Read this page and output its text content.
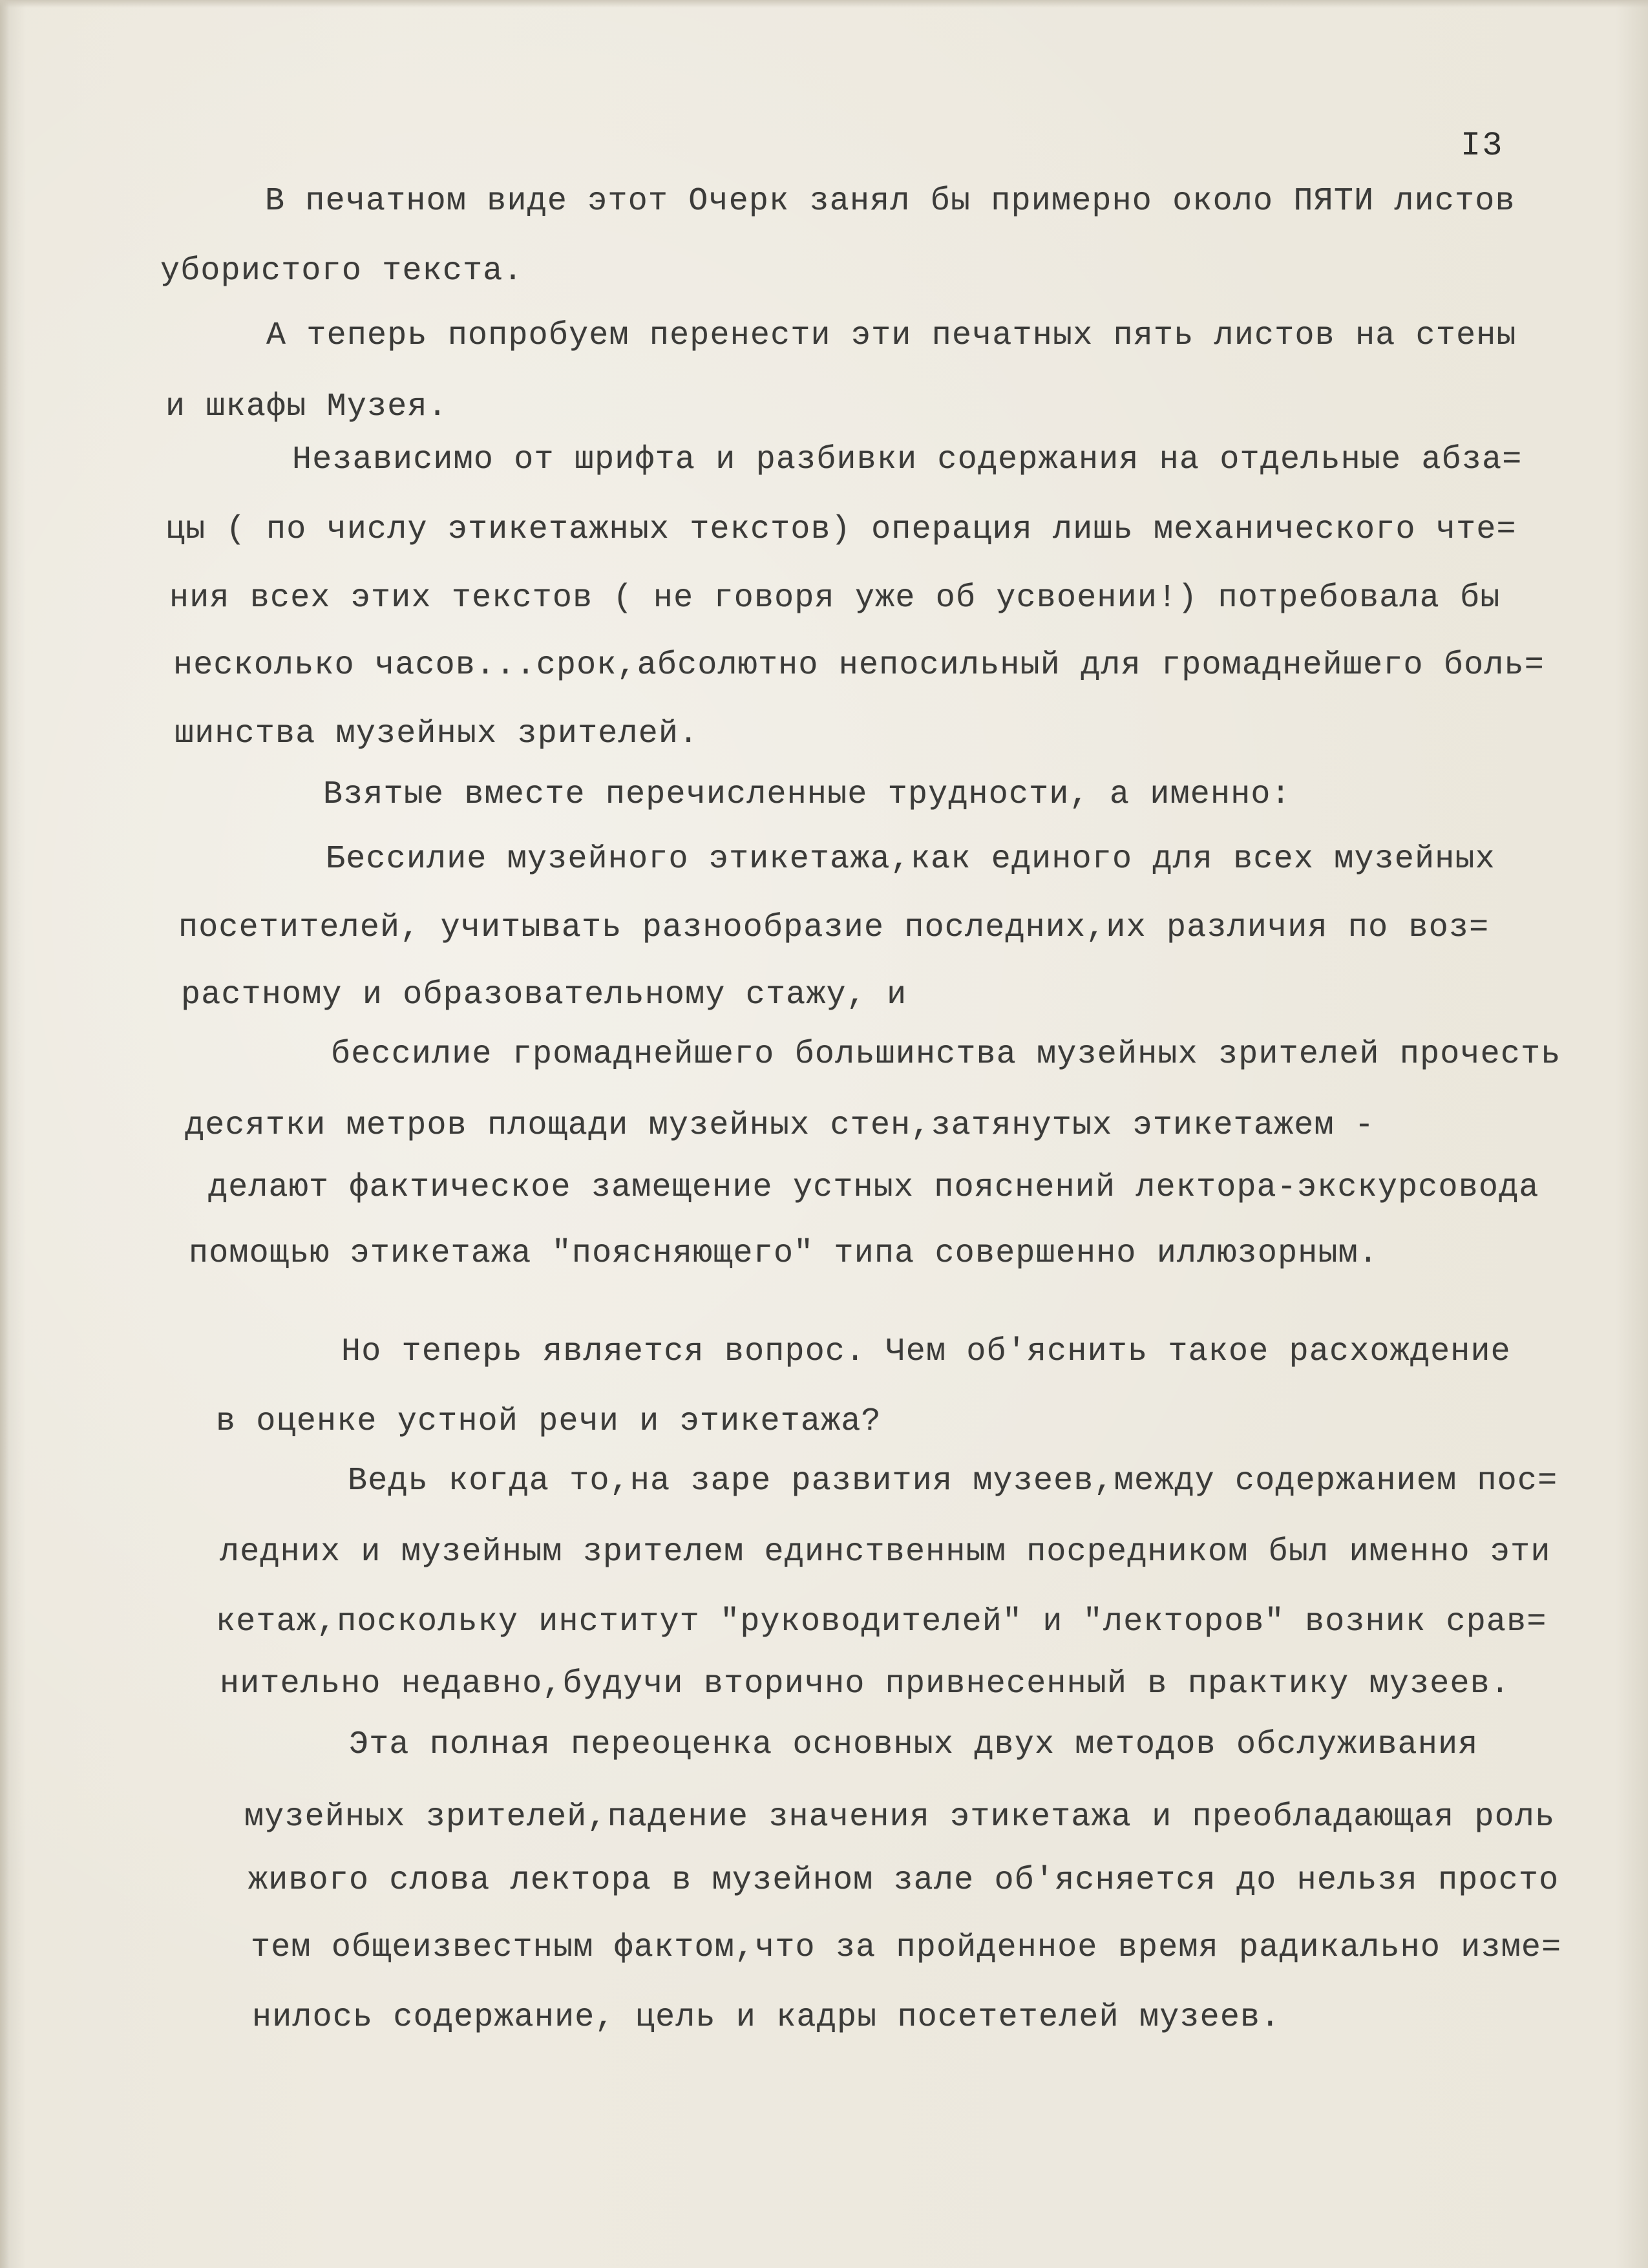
I3
В печатном виде этот Очерк занял бы примерно около ПЯТИ листов
убористого текста.
А теперь попробуем перенести эти печатных пять листов на стены
и шкафы Музея.
Независимо от шрифта и разбивки содержания на отдельные абза=
цы ( по числу этикетажных текстов) операция лишь механического чте=
ния всех этих текстов ( не говоря уже об усвоении!) потребовала бы
несколько часов...срок,абсолютно непосильный для громаднейшего боль=
шинства музейных зрителей.
Взятые вместе перечисленные трудности, а именно:
Бессилие музейного этикетажа,как единого для всех музейных
посетителей, учитывать разнообразие последних,их различия по воз=
растному и образовательному стажу, и
бессилие громаднейшего большинства музейных зрителей прочесть
десятки метров площади музейных стен,затянутых этикетажем -
делают фактическое замещение устных пояснений лектора-экскурсовода
помощью этикетажа "поясняющего" типа совершенно иллюзорным.
Но теперь является вопрос. Чем об'яснить такое расхождение
в оценке устной речи и этикетажа?
Ведь когда то,на заре развития музеев,между содержанием пос=
ледних и музейным зрителем единственным посредником был именно эти
кетаж,поскольку институт "руководителей" и "лекторов" возник срав=
нительно недавно,будучи вторично привнесенный в практику музеев.
Эта полная переоценка основных двух методов обслуживания
музейных зрителей,падение значения этикетажа и преобладающая роль
живого слова лектора в музейном зале об'ясняется до нельзя просто
тем общеизвестным фактом,что за пройденное время радикально изме=
нилось содержание, цель и кадры посететелей музеев.
